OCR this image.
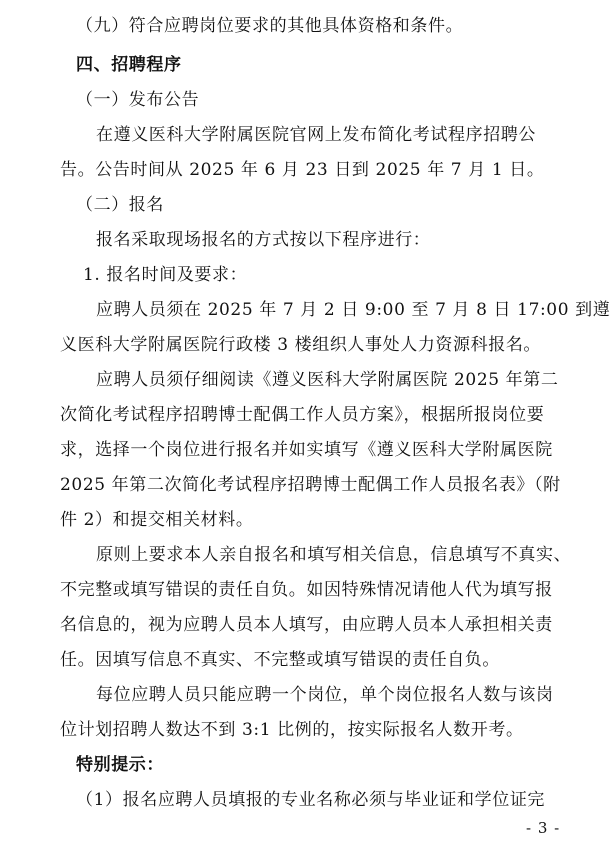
（九）符合应聘岗位要求的其他具体资格和条件。
四、招聘程序
（一）发布公告
在遵义医科大学附属医院官网上发布简化考试程序招聘公
告。公告时间从 2025 年 6 月 23 日到 2025 年 7 月 1 日。
（二）报名
报名采取现场报名的方式按以下程序进行：
1. 报名时间及要求：
应聘人员须在 2025 年 7 月 2 日 9:00 至 7 月 8 日 17:00 到遵
义医科大学附属医院行政楼 3 楼组织人事处人力资源科报名。
应聘人员须仔细阅读《遵义医科大学附属医院 2025 年第二
次简化考试程序招聘博士配偶工作人员方案》，根据所报岗位要
求，选择一个岗位进行报名并如实填写《遵义医科大学附属医院
2025 年第二次简化考试程序招聘博士配偶工作人员报名表》（附
件 2）和提交相关材料。
原则上要求本人亲自报名和填写相关信息，信息填写不真实、
不完整或填写错误的责任自负。如因特殊情况请他人代为填写报
名信息的，视为应聘人员本人填写，由应聘人员本人承担相关责
任。因填写信息不真实、不完整或填写错误的责任自负。
每位应聘人员只能应聘一个岗位，单个岗位报名人数与该岗
位计划招聘人数达不到 3:1 比例的，按实际报名人数开考。
特别提示：
（1）报名应聘人员填报的专业名称必须与毕业证和学位证完
- 3 -
